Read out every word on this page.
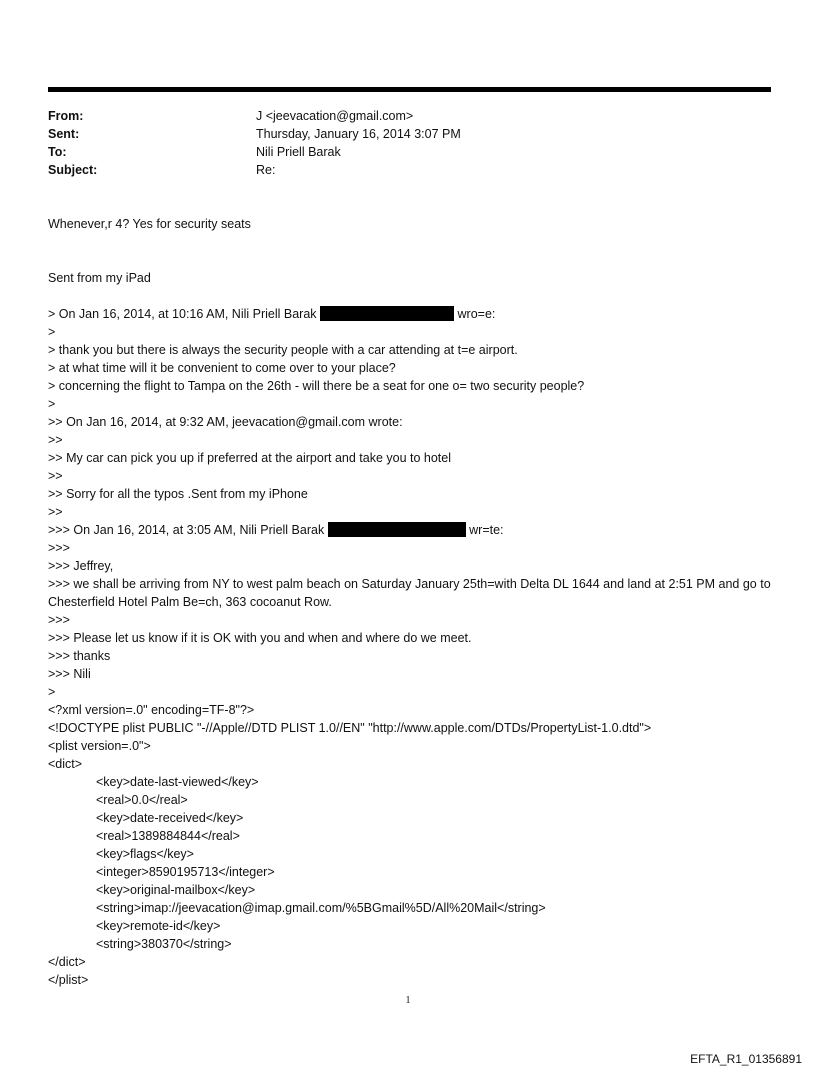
From:	J <jeevacation@gmail.com>
Sent:	Thursday, January 16, 2014 3:07 PM
To:	Nili Priell Barak
Subject:	Re:
Whenever,r 4? Yes for security seats
Sent from my iPad
> On Jan 16, 2014, at 10:16 AM, Nili Priell Barak	wro=e:
>
> thank you but there is always the security people with a car attending at t=e airport.
> at what time will it be convenient to come over to your place?
> concerning the flight to Tampa on the 26th - will there be a seat for one o= two security people?
>
>> On Jan 16, 2014, at 9:32 AM, jeevacation@gmail.com wrote:
>>
>> My car can pick you up if preferred at the airport and take you to hotel
>>
>> Sorry for all the typos .Sent from my iPhone
>>
>>> On Jan 16, 2014, at 3:05 AM, Nili Priell Barak	wr=te:
>>>
>>> Jeffrey,
>>> we shall be arriving from NY to west palm beach on Saturday January 25th=with Delta DL 1644 and land at 2:51 PM and go to Chesterfield Hotel Palm Be=ch, 363 cocoanut Row.
>>>
>>> Please let us know if it is OK with you and when and where do we meet.
>>> thanks
>>> Nili
>
<?xml version=.0" encoding=TF-8"?>
<!DOCTYPE plist PUBLIC "-//Apple//DTD PLIST 1.0//EN" "http://www.apple.com/DTDs/PropertyList-1.0.dtd">
<plist version=.0">
<dict>
<key>date-last-viewed</key>
<real>0.0</real>
<key>date-received</key>
<real>1389884844</real>
<key>flags</key>
<integer>8590195713</integer>
<key>original-mailbox</key>
<string>imap://jeevacation@imap.gmail.com/%5BGmail%5D/All%20Mail</string>
<key>remote-id</key>
<string>380370</string>
</dict>
</plist>
1
EFTA_R1_01356891
